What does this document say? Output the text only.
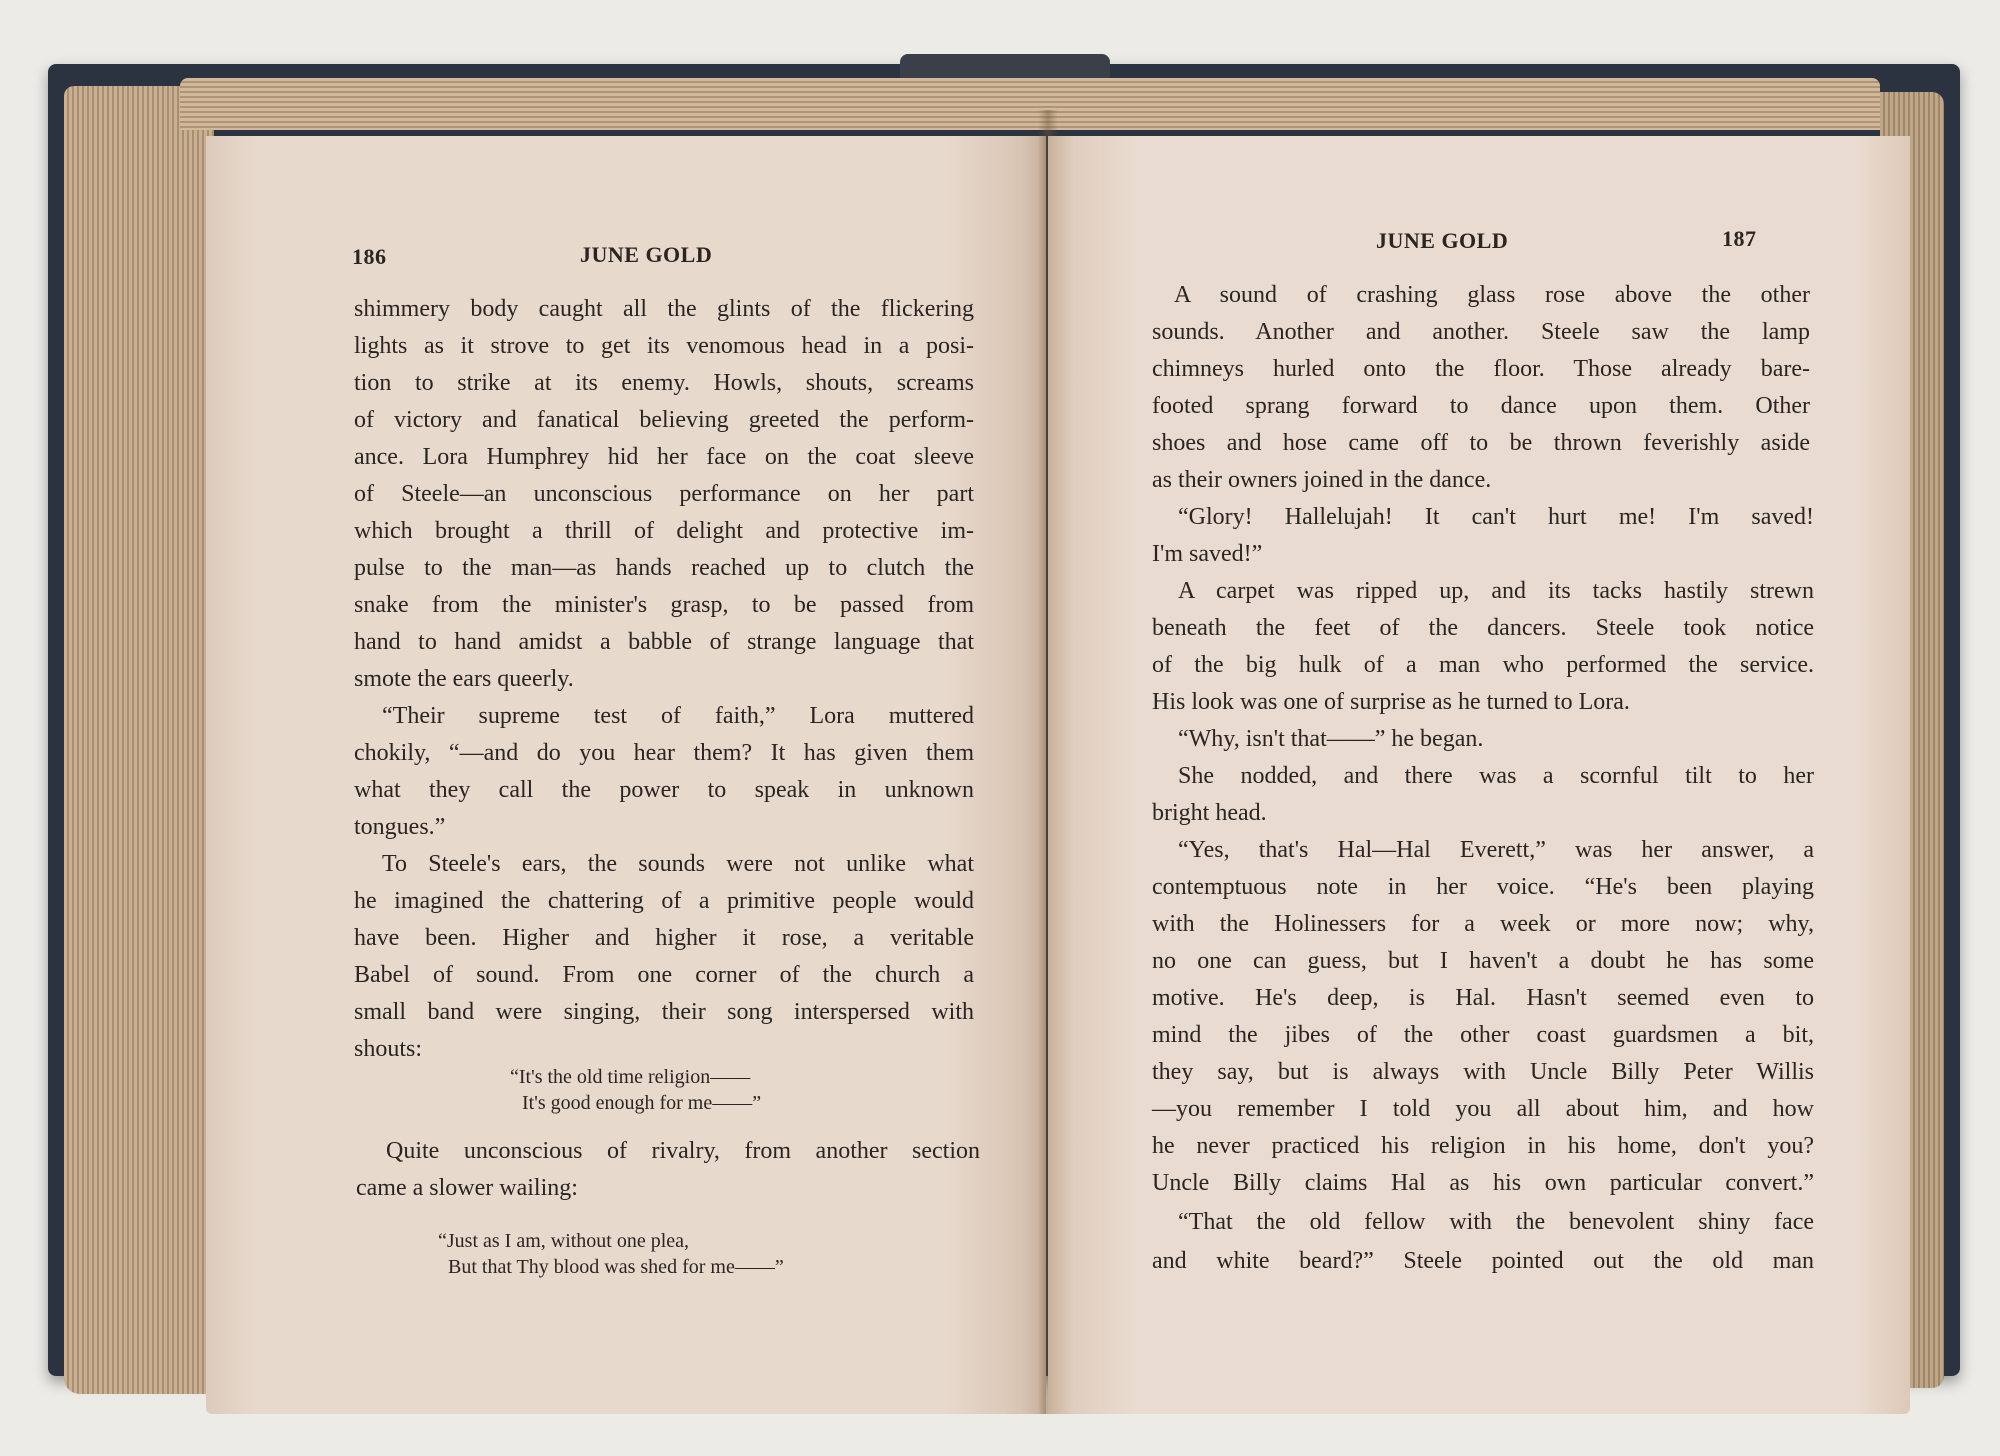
186	JUNE GOLD
shimmery body caught all the glints of the flickering
lights as it strove to get its venomous head in a posi-
tion to strike at its enemy. Howls, shouts, screams
of victory and fanatical believing greeted the perform-
ance. Lora Humphrey hid her face on the coat sleeve
of Steele—an unconscious performance on her part
which brought a thrill of delight and protective im-
pulse to the man—as hands reached up to clutch the
snake from the minister's grasp, to be passed from
hand to hand amidst a babble of strange language that
smote the ears queerly.
“Their supreme test of faith,” Lora muttered
chokily, “—and do you hear them? It has given them
what they call the power to speak in unknown
tongues.”
To Steele's ears, the sounds were not unlike what
he imagined the chattering of a primitive people would
have been. Higher and higher it rose, a veritable
Babel of sound. From one corner of the church a
small band were singing, their song interspersed with
shouts:
“It's the old time religion——
It's good enough for me——”
Quite unconscious of rivalry, from another section
came a slower wailing:
“Just as I am, without one plea,
But that Thy blood was shed for me——”
JUNE GOLD	187
A sound of crashing glass rose above the other
sounds. Another and another. Steele saw the lamp
chimneys hurled onto the floor. Those already bare-
footed sprang forward to dance upon them. Other
shoes and hose came off to be thrown feverishly aside
as their owners joined in the dance.
“Glory! Hallelujah! It can't hurt me! I'm saved!
I'm saved!”
A carpet was ripped up, and its tacks hastily strewn
beneath the feet of the dancers. Steele took notice
of the big hulk of a man who performed the service.
His look was one of surprise as he turned to Lora.
“Why, isn't that——” he began.
She nodded, and there was a scornful tilt to her
bright head.
“Yes, that's Hal—Hal Everett,” was her answer, a
contemptuous note in her voice. “He's been playing
with the Holinessers for a week or more now; why,
no one can guess, but I haven't a doubt he has some
motive. He's deep, is Hal. Hasn't seemed even to
mind the jibes of the other coast guardsmen a bit,
they say, but is always with Uncle Billy Peter Willis
—you remember I told you all about him, and how
he never practiced his religion in his home, don't you?
Uncle Billy claims Hal as his own particular convert.”
“That the old fellow with the benevolent shiny face
and white beard?” Steele pointed out the old man
